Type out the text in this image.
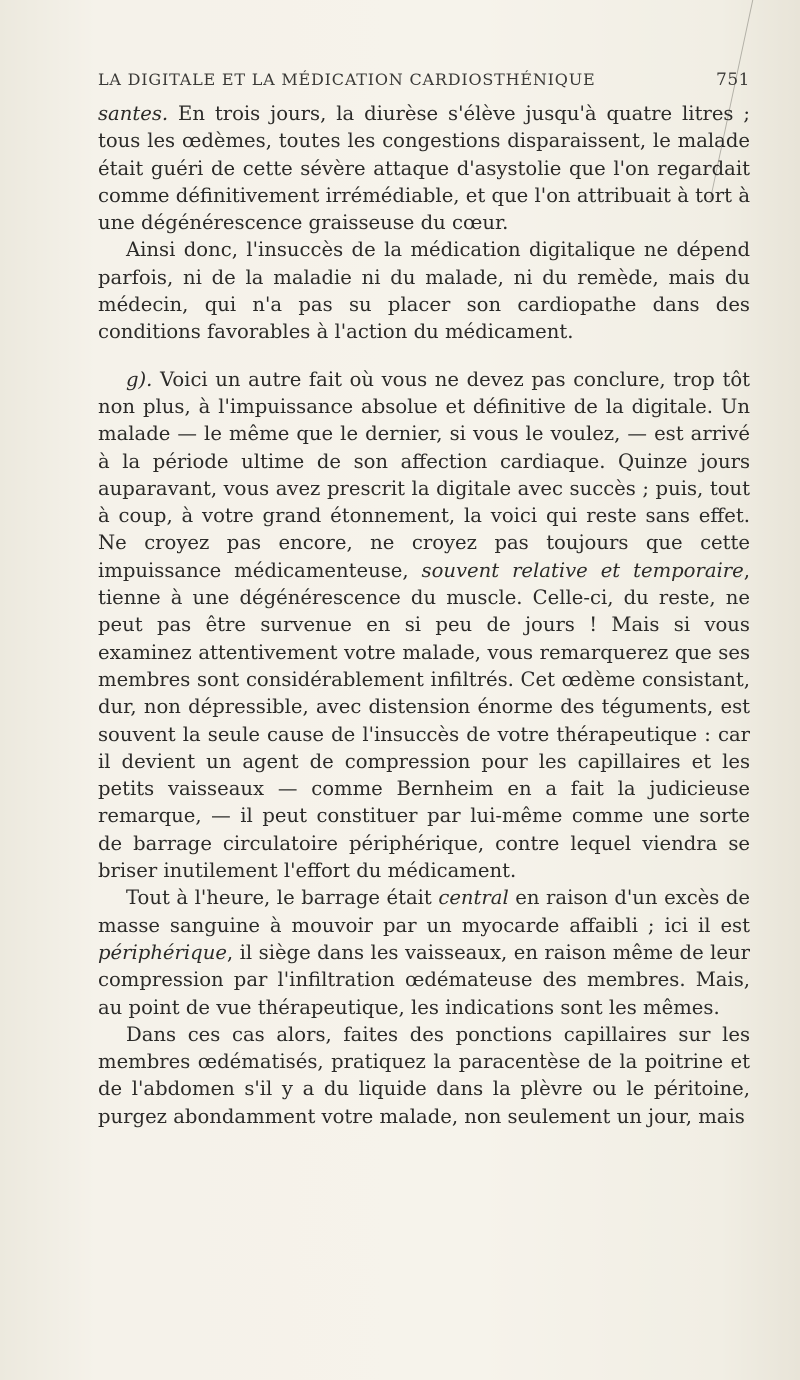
LA DIGITALE ET LA MÉDICATION CARDIOSTHÉNIQUE	751

santes. En trois jours, la diurèse s'élève jusqu'à quatre litres ; tous les œdèmes, toutes les congestions disparaissent, le malade était guéri de cette sévère attaque d'asystolie que l'on regardait comme définitivement irrémédiable, et que l'on attribuait à tort à une dégénérescence graisseuse du cœur.

Ainsi donc, l'insuccès de la médication digitalique ne dépend parfois, ni de la maladie ni du malade, ni du remède, mais du médecin, qui n'a pas su placer son cardiopathe dans des conditions favorables à l'action du médicament.

g). Voici un autre fait où vous ne devez pas conclure, trop tôt non plus, à l'impuissance absolue et définitive de la digitale. Un malade — le même que le dernier, si vous le voulez, — est arrivé à la période ultime de son affection cardiaque. Quinze jours auparavant, vous avez prescrit la digitale avec succès ; puis, tout à coup, à votre grand étonnement, la voici qui reste sans effet. Ne croyez pas encore, ne croyez pas toujours que cette impuissance médicamenteuse, souvent relative et temporaire, tienne à une dégénérescence du muscle. Celle-ci, du reste, ne peut pas être survenue en si peu de jours ! Mais si vous examinez attentivement votre malade, vous remarquerez que ses membres sont considérablement infiltrés. Cet œdème consistant, dur, non dépressible, avec distension énorme des téguments, est souvent la seule cause de l'insuccès de votre thérapeutique : car il devient un agent de compression pour les capillaires et les petits vaisseaux — comme Bernheim en a fait la judicieuse remarque, — il peut constituer par lui-même comme une sorte de barrage circulatoire périphérique, contre lequel viendra se briser inutilement l'effort du médicament.

Tout à l'heure, le barrage était central en raison d'un excès de masse sanguine à mouvoir par un myocarde affaibli ; ici il est périphérique, il siège dans les vaisseaux, en raison même de leur compression par l'infiltration œdémateuse des membres. Mais, au point de vue thérapeutique, les indications sont les mêmes.

Dans ces cas alors, faites des ponctions capillaires sur les membres œdématisés, pratiquez la paracentèse de la poitrine et de l'abdomen s'il y a du liquide dans la plèvre ou le péritoine, purgez abondamment votre malade, non seulement un jour, mais
